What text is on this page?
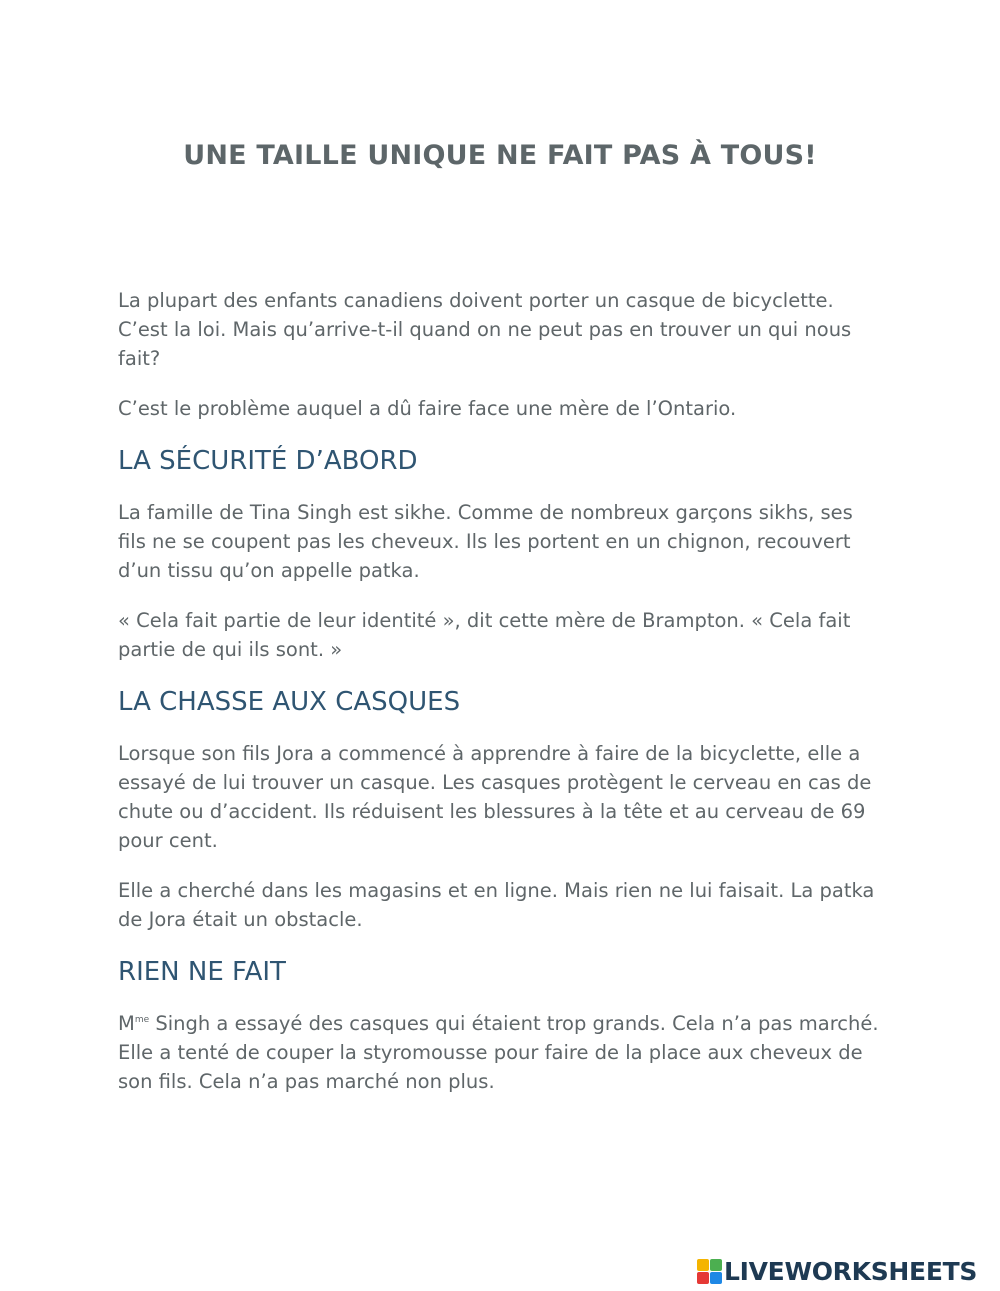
UNE TAILLE UNIQUE NE FAIT PAS À TOUS!

La plupart des enfants canadiens doivent porter un casque de bicyclette. C’est la loi. Mais qu’arrive-t-il quand on ne peut pas en trouver un qui nous fait?

C’est le problème auquel a dû faire face une mère de l’Ontario.

LA SÉCURITÉ D’ABORD

La famille de Tina Singh est sikhe. Comme de nombreux garçons sikhs, ses fils ne se coupent pas les cheveux. Ils les portent en un chignon, recouvert d’un tissu qu’on appelle patka.

« Cela fait partie de leur identité », dit cette mère de Brampton. « Cela fait partie de qui ils sont. »

LA CHASSE AUX CASQUES

Lorsque son fils Jora a commencé à apprendre à faire de la bicyclette, elle a essayé de lui trouver un casque. Les casques protègent le cerveau en cas de chute ou d’accident. Ils réduisent les blessures à la tête et au cerveau de 69 pour cent.

Elle a cherché dans les magasins et en ligne. Mais rien ne lui faisait. La patka de Jora était un obstacle.

RIEN NE FAIT

$M^{me}$ Singh a essayé des casques qui étaient trop grands. Cela n’a pas marché. Elle a tenté de couper la styromousse pour faire de la place aux cheveux de son fils. Cela n’a pas marché non plus.

LIVEWORKSHEETS
